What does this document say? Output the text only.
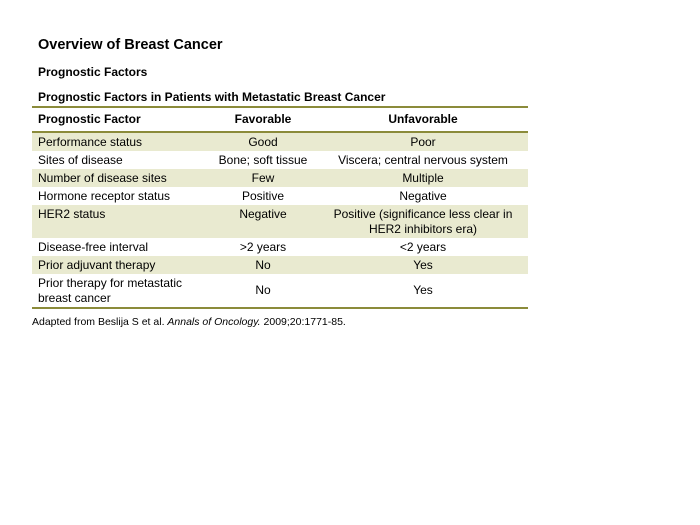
Overview of Breast Cancer
Prognostic Factors
Prognostic Factors in Patients with Metastatic Breast Cancer
Prognostic Factor	Favorable	Unfavorable
Performance status	Good	Poor
Sites of disease	Bone; soft tissue	Viscera; central nervous system
Number of disease sites	Few	Multiple
Hormone receptor status	Positive	Negative
HER2 status	Negative	Positive (significance less clear in HER2 inhibitors era)
Disease-free interval	>2 years	<2 years
Prior adjuvant therapy	No	Yes
Prior therapy for metastatic breast cancer	No	Yes
Adapted from Beslija S et al. Annals of Oncology. 2009;20:1771-85.
